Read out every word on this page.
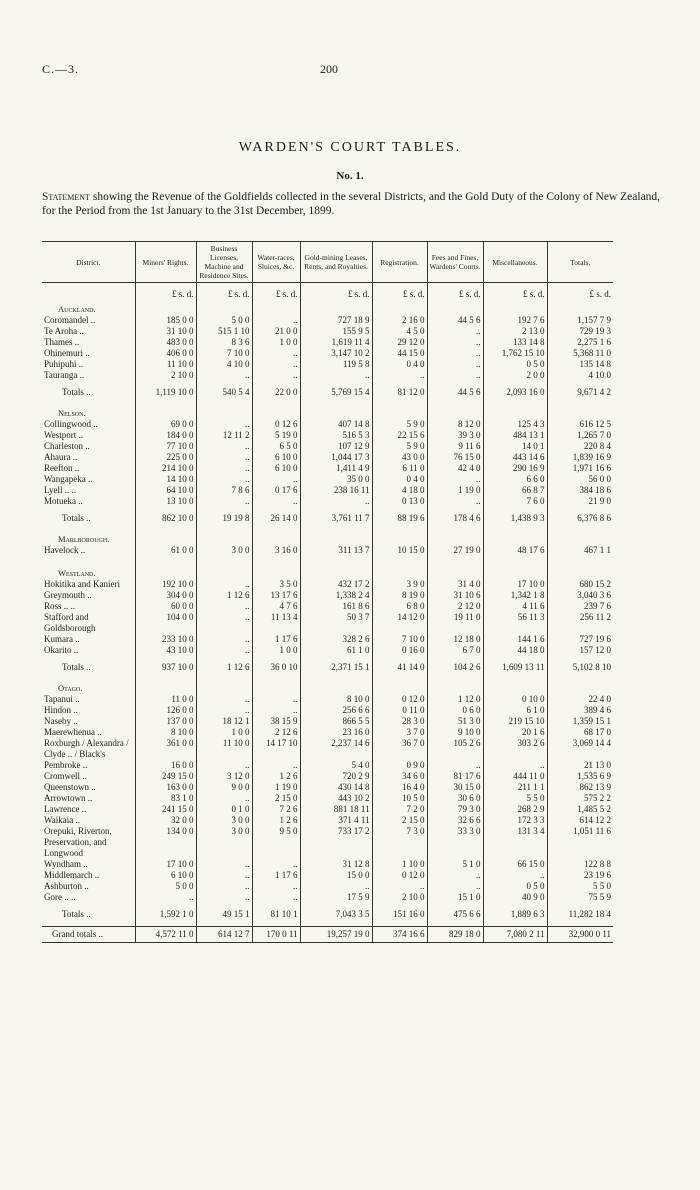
C.—3.	200
WARDEN'S COURT TABLES.
No. 1.
Statement showing the Revenue of the Goldfields collected in the several Districts, and the Gold Duty of the Colony of New Zealand, for the Period from the 1st January to the 31st December, 1899.
District.	Miners' Rights.	Business Licenses, Machine and Residence Sites.	Water-races, Sluices, &c.	Gold-mining Leases, Rents, and Royalties.	Registration.	Fees and Fines, Wardens' Courts.	Miscellaneous.	Totals.
	£ s. d.	£ s. d.	£ s. d.	£ s. d.	£ s. d.	£ s. d.	£ s. d.	£ s. d.
Auckland.								
Coromandel ..	185 0 0	5 0 0	..	727 18 9	2 16 0	44 5 6	192 7 6	1,157 7 9
Te Aroha ..	31 10 0	515 1 10	21 0 0	155 9 5	4 5 0	..	2 13 0	729 19 3
Thames ..	483 0 0	8 3 6	1 0 0	1,619 11 4	29 12 0	..	133 14 8	2,275 1 6
Ohinemuri ..	406 0 0	7 10 0	..	3,147 10 2	44 15 0	..	1,762 15 10	5,368 11 0
Puhipuhi ..	11 10 0	4 10 0	..	119 5 8	0 4 0	..	0 5 0	135 14 8
Tauranga ..	2 10 0	..	..	..	..	..	2 0 0	4 10 0
Totals ..	1,119 10 0	540 5 4	22 0 0	5,769 15 4	81 12 0	44 5 6	2,093 16 0	9,671 4 2
Nelson.								
Collingwood ..	69 0 0	..	0 12 6	407 14 8	5 9 0	8 12 0	125 4 3	616 12 5
Westport ..	184 0 0	12 11 2	5 19 0	516 5 3	22 15 6	39 3 0	484 13 1	1,265 7 0
Charleston ..	77 10 0	..	6 5 0	107 12 9	5 9 0	9 11 6	14 0 1	220 8 4
Ahaura ..	225 0 0	..	6 10 0	1,044 17 3	43 0 0	76 15 0	443 14 6	1,839 16 9
Reefton ..	214 10 0	..	6 10 0	1,411 4 9	6 11 0	42 4 0	290 16 9	1,971 16 6
Wangapeka ..	14 10 0	..	..	35 0 0	0 4 0	..	6 6 0	56 0 0
Lyell .. ..	64 10 0	7 8 6	0 17 6	238 16 11	4 18 0	1 19 0	66 8 7	384 18 6
Motueka ..	13 10 0	..	..	..	0 13 0	..	7 6 0	21 9 0
Totals ..	862 10 0	19 19 8	26 14 0	3,761 11 7	88 19 6	178 4 6	1,438 9 3	6,376 8 6
Marlborough.								
Havelock ..	61 0 0	3 0 0	3 16 0	311 13 7	10 15 0	27 19 0	48 17 6	467 1 1

Westland.								
Hokitika and Kanieri	192 10 0	..	3 5 0	432 17 2	3 9 0	31 4 0	17 10 0	680 15 2
Greymouth ..	304 0 0	1 12 6	13 17 6	1,338 2 4	8 19 0	31 10 6	1,342 1 8	3,040 3 6
Ross .. ..	60 0 0	..	4 7 6	161 8 6	6 8 0	2 12 0	4 11 6	239 7 6
Stafford and Goldsborough	104 0 0	..	11 13 4	50 3 7	14 12 0	19 11 0	56 11 3	256 11 2
Kumara ..	233 10 0	..	1 17 6	328 2 6	7 10 0	12 18 0	144 1 6	727 19 6
Okarito ..	43 10 0	..	1 0 0	61 1 0	0 16 0	6 7 0	44 18 0	157 12 0
Totals ..	937 10 0	1 12 6	36 0 10	2,371 15 1	41 14 0	104 2 6	1,609 13 11	5,102 8 10
Otago.								
Tapanui ..	11 0 0	..	..	8 10 0	0 12 0	1 12 0	0 10 0	22 4 0
Hindon ..	126 0 0	..	..	256 6 6	0 11 0	0 6 0	6 1 0	389 4 6
Naseby ..	137 0 0	18 12 1	38 15 9	866 5 5	28 3 0	51 3 0	219 15 10	1,359 15 1
Maerewhenua ..	8 10 0	1 0 0	2 12 6	23 16 0	3 7 0	9 10 0	20 1 6	68 17 0
Roxburgh / Alexandra / Clyde .. / Black's	361 0 0	11 10 0	14 17 10	2,237 14 6	36 7 0	105 2 6	303 2 6	3,069 14 4
Pembroke ..	16 0 0	..	..	5 4 0	0 9 0	..	..	21 13 0
Cromwell ..	249 15 0	3 12 0	1 2 6	720 2 9	34 6 0	81 17 6	444 11 0	1,535 6 9
Queenstown ..	163 0 0	9 0 0	1 19 0	430 14 8	16 4 0	30 15 0	211 1 1	862 13 9
Arrowtown ..	83 1 0	..	2 15 0	443 10 2	10 5 0	30 6 0	5 5 0	575 2 2
Lawrence ..	241 15 0	0 1 0	7 2 6	881 18 11	7 2 0	79 3 0	268 2 9	1,485 5 2
Waikaia ..	32 0 0	3 0 0	1 2 6	371 4 11	2 15 0	32 6 6	172 3 3	614 12 2
Orepuki, Riverton, Preservation, and Longwood	134 0 0	3 0 0	9 5 0	733 17 2	7 3 0	33 3 0	131 3 4	1,051 11 6
Wyndham ..	17 10 0	..	..	31 12 8	1 10 0	5 1 0	66 15 0	122 8 8
Middlemarch ..	6 10 0	..	1 17 6	15 0 0	0 12 0	..	..	23 19 6
Ashburton ..	5 0 0	..	..	..	..	..	0 5 0	5 5 0
Gore .. ..	..	..	..	17 5 9	2 10 0	15 1 0	40 9 0	75 5 9
Totals ..	1,592 1 0	49 15 1	81 10 1	7,043 3 5	151 16 0	475 6 6	1,889 6 3	11,282 18 4
Grand totals ..	4,572 11 0	614 12 7	170 0 11	19,257 19 0	374 16 6	829 18 0	7,080 2 11	32,900 0 11
